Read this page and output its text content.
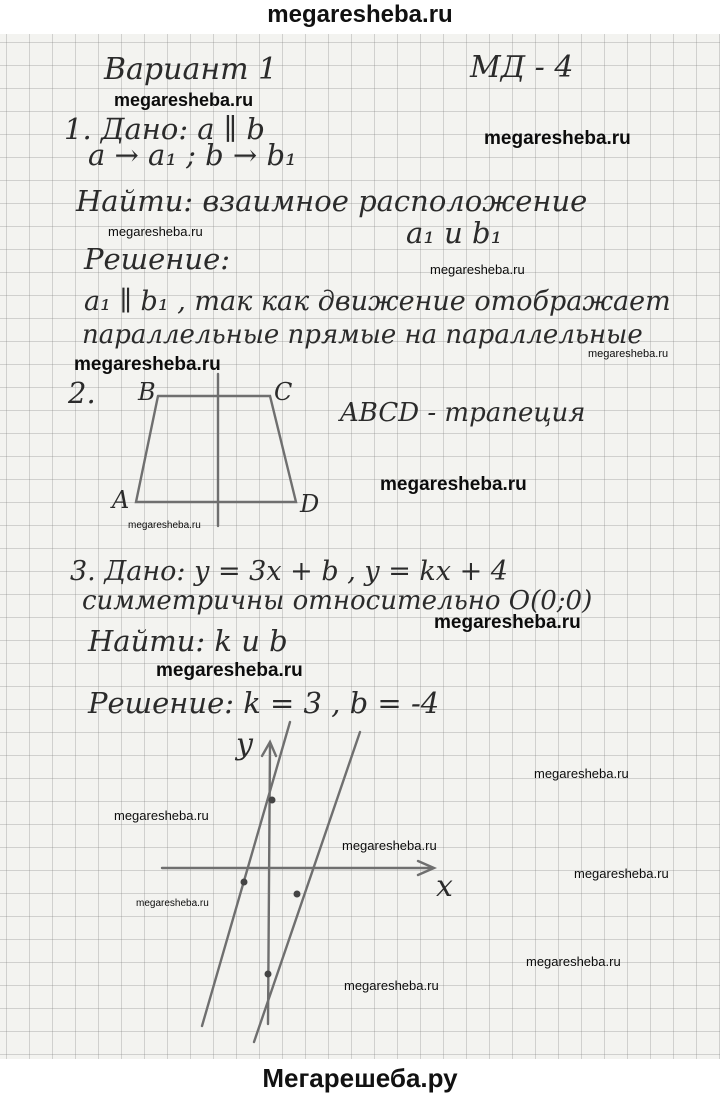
megaresheba.ru
Вариант 1	МД - 4
1. Дано: a ∥ b
a → a₁ ; b → b₁
Найти: взаимное расположение
a₁ и b₁
Решение:
a₁ ∥ b₁ , так как движение отображает
параллельные прямые на параллельные
2. B	C
A	D
ABCD - трапеция
3. Дано: y = 3x + b , y = kx + 4
симметричны относительно O(0;0)
Найти: k и b
Решение: k = 3 , b = -4
y
x
megaresheba.ru
megaresheba.ru
megaresheba.ru
megaresheba.ru
megaresheba.ru	megaresheba.ru
megaresheba.ru
megaresheba.ru
megaresheba.ru
megaresheba.ru
megaresheba.ru
megaresheba.ru
megaresheba.ru
megaresheba.ru
megaresheba.ru
megaresheba.ru
megaresheba.ru
Мегарешеба.ру
